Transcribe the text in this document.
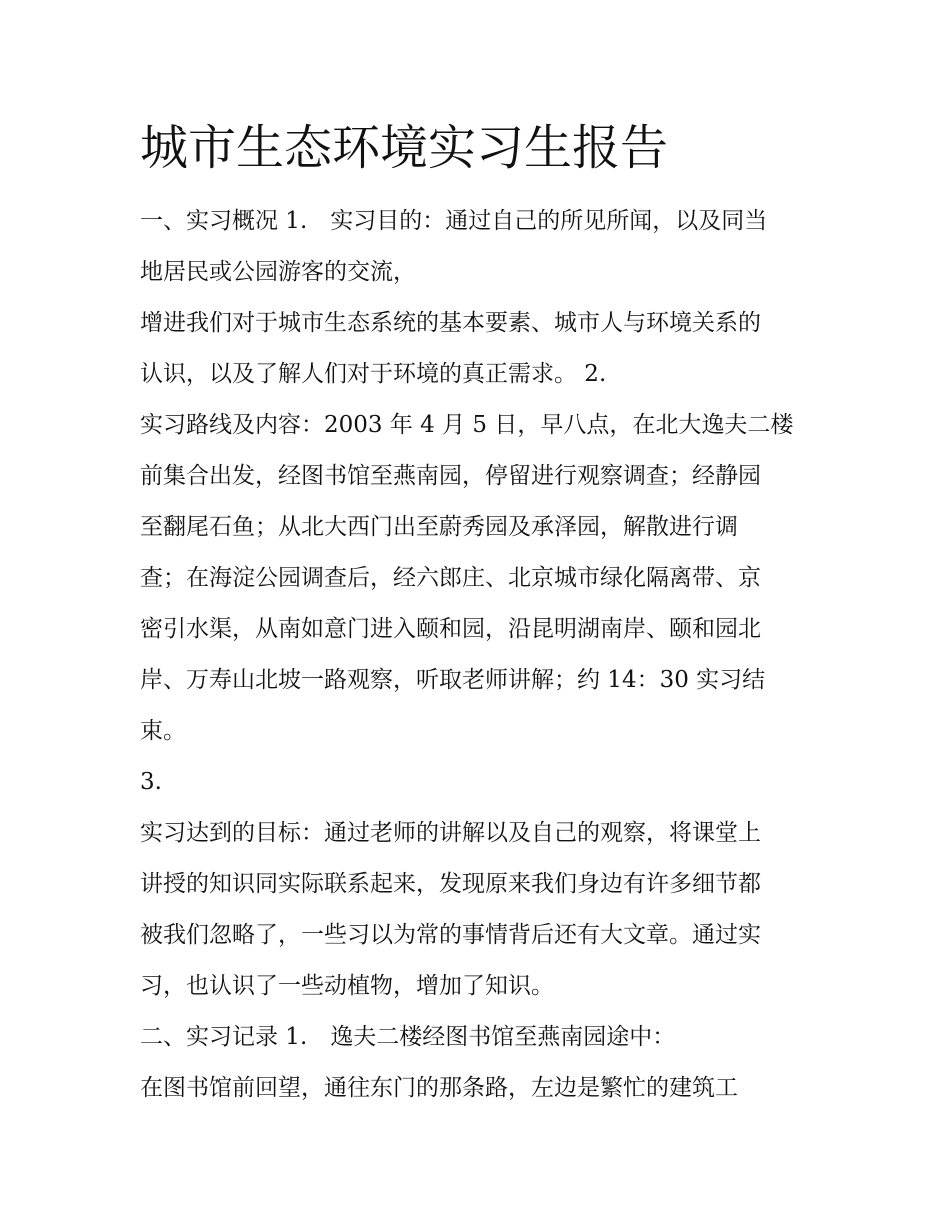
城市生态环境实习生报告
一、实习概况 1.　实习目的：通过自己的所见所闻，以及同当
地居民或公园游客的交流，
增进我们对于城市生态系统的基本要素、城市人与环境关系的
认识，以及了解人们对于环境的真正需求。 2.
实习路线及内容：2003 年 4 月 5 日，早八点，在北大逸夫二楼
前集合出发，经图书馆至燕南园，停留进行观察调查；经静园
至翻尾石鱼；从北大西门出至蔚秀园及承泽园，解散进行调
查；在海淀公园调查后，经六郎庄、北京城市绿化隔离带、京
密引水渠，从南如意门进入颐和园，沿昆明湖南岸、颐和园北
岸、万寿山北坡一路观察，听取老师讲解；约 14：30 实习结
束。
3.
实习达到的目标：通过老师的讲解以及自己的观察，将课堂上
讲授的知识同实际联系起来，发现原来我们身边有许多细节都
被我们忽略了，一些习以为常的事情背后还有大文章。通过实
习，也认识了一些动植物，增加了知识。
二、实习记录 1.　逸夫二楼经图书馆至燕南园途中：
在图书馆前回望，通往东门的那条路，左边是繁忙的建筑工
